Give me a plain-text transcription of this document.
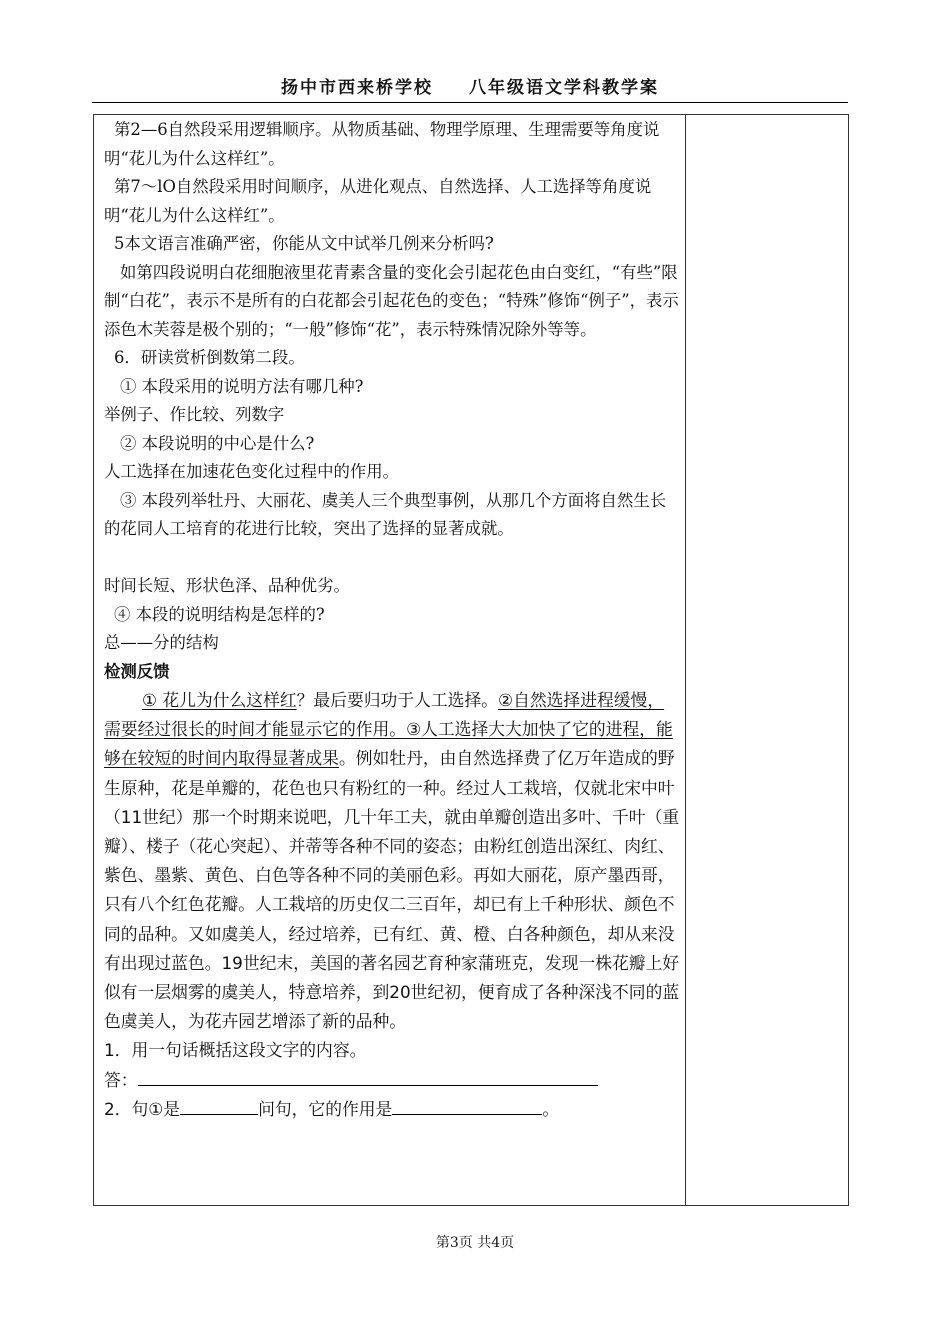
扬中市西来桥学校 八年级语文学科教学案

第2—6自然段采用逻辑顺序。从物质基础、物理学原理、生理需要等角度说明“花儿为什么这样红”。

第7～lO自然段采用时间顺序，从进化观点、自然选择、人工选择等角度说明“花儿为什么这样红”。

5本文语言准确严密，你能从文中试举几例来分析吗?

如第四段说明白花细胞液里花青素含量的变化会引起花色由白变红，“有些”限制“白花”，表示不是所有的白花都会引起花色的变色；“特殊”修饰“例子”，表示添色木芙蓉是极个别的；“一般”修饰“花”，表示特殊情况除外等等。

6．研读赏析倒数第二段。

① 本段采用的说明方法有哪几种?

举例子、作比较、列数字

② 本段说明的中心是什么?

人工选择在加速花色变化过程中的作用。

③ 本段列举牡丹、大丽花、虞美人三个典型事例，从那几个方面将自然生长的花同人工培育的花进行比较，突出了选择的显著成就。

时间长短、形状色泽、品种优劣。

④ 本段的说明结构是怎样的?

总——分的结构

检测反馈

① 花儿为什么这样红？最后要归功于人工选择。②自然选择进程缓慢，需要经过很长的时间才能显示它的作用。③人工选择大大加快了它的进程，能够在较短的时间内取得显著成果。例如牡丹，由自然选择费了亿万年造成的野生原种，花是单瓣的，花色也只有粉红的一种。经过人工栽培，仅就北宋中叶（11世纪）那一个时期来说吧，几十年工夫，就由单瓣创造出多叶、千叶（重瓣）、楼子（花心突起）、并蒂等各种不同的姿态；由粉红创造出深红、肉红、紫色、墨紫、黄色、白色等各种不同的美丽色彩。再如大丽花，原产墨西哥，只有八个红色花瓣。人工栽培的历史仅二三百年，却已有上千种形状、颜色不同的品种。又如虞美人，经过培养，已有红、黄、橙、白各种颜色，却从来没有出现过蓝色。19世纪末，美国的著名园艺育种家蒲班克，发现一株花瓣上好似有一层烟雾的虞美人，特意培养，到20世纪初，便育成了各种深浅不同的蓝色虞美人，为花卉园艺增添了新的品种。

1．用一句话概括这段文字的内容。

答：

2．句①是	问句，它的作用是	。

第3页 共4页
